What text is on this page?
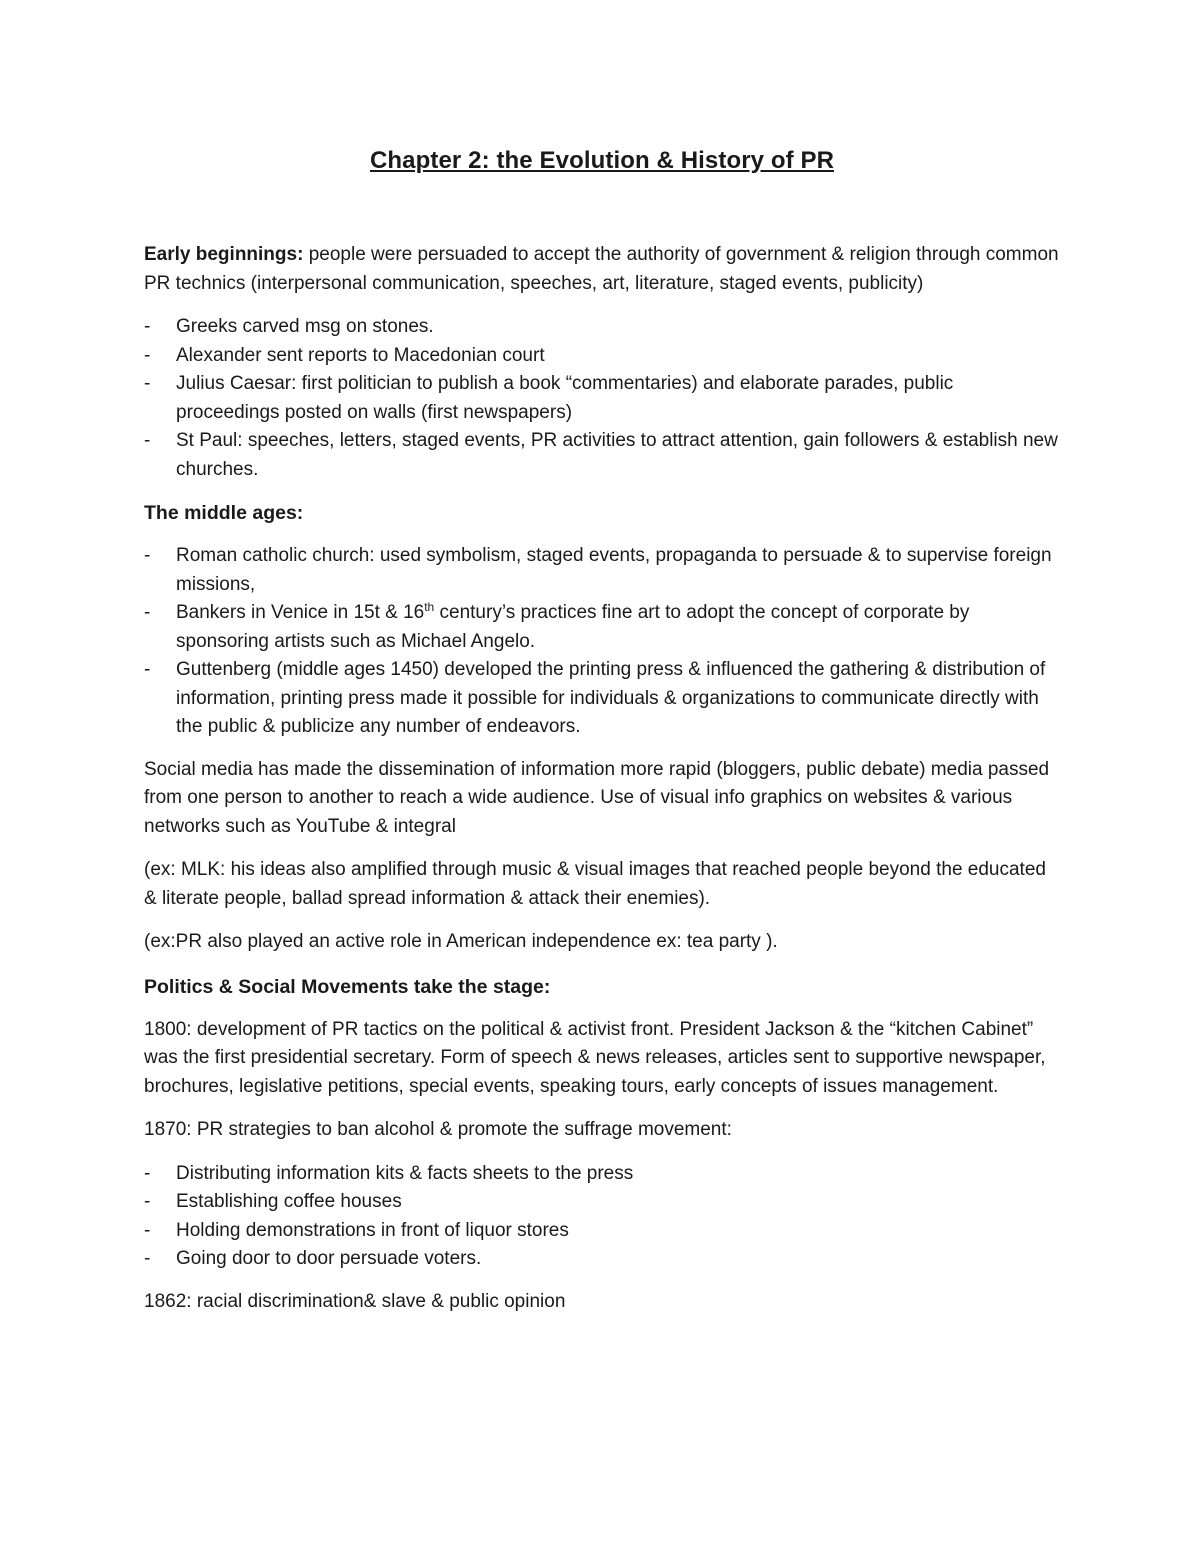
Chapter 2: the Evolution & History of PR

Early beginnings: people were persuaded to accept the authority of government & religion through common PR technics (interpersonal communication, speeches, art, literature, staged events, publicity)

- Greeks carved msg on stones.
- Alexander sent reports to Macedonian court
- Julius Caesar: first politician to publish a book “commentaries) and elaborate parades, public proceedings posted on walls (first newspapers)
- St Paul: speeches, letters, staged events, PR activities to attract attention, gain followers & establish new churches.
The middle ages:
- Roman catholic church: used symbolism, staged events, propaganda to persuade & to supervise foreign missions,
- Bankers in Venice in 15t & 16th century’s practices fine art to adopt the concept of corporate by sponsoring artists such as Michael Angelo.
- Guttenberg (middle ages 1450) developed the printing press & influenced the gathering & distribution of information, printing press made it possible for individuals & organizations to communicate directly with the public & publicize any number of endeavors.

Social media has made the dissemination of information more rapid (bloggers, public debate) media passed from one person to another to reach a wide audience. Use of visual info graphics on websites & various networks such as YouTube & integral

(ex: MLK: his ideas also amplified through music & visual images that reached people beyond the educated & literate people, ballad spread information & attack their enemies).

(ex:PR also played an active role in American independence ex: tea party ).

Politics & Social Movements take the stage:

1800: development of PR tactics on the political & activist front. President Jackson & the “kitchen Cabinet” was the first presidential secretary. Form of speech & news releases, articles sent to supportive newspaper, brochures, legislative petitions, special events, speaking tours, early concepts of issues management.

1870: PR strategies to ban alcohol & promote the suffrage movement:

- Distributing information kits & facts sheets to the press
- Establishing coffee houses
- Holding demonstrations in front of liquor stores
- Going door to door persuade voters.

1862: racial discrimination& slave & public opinion
